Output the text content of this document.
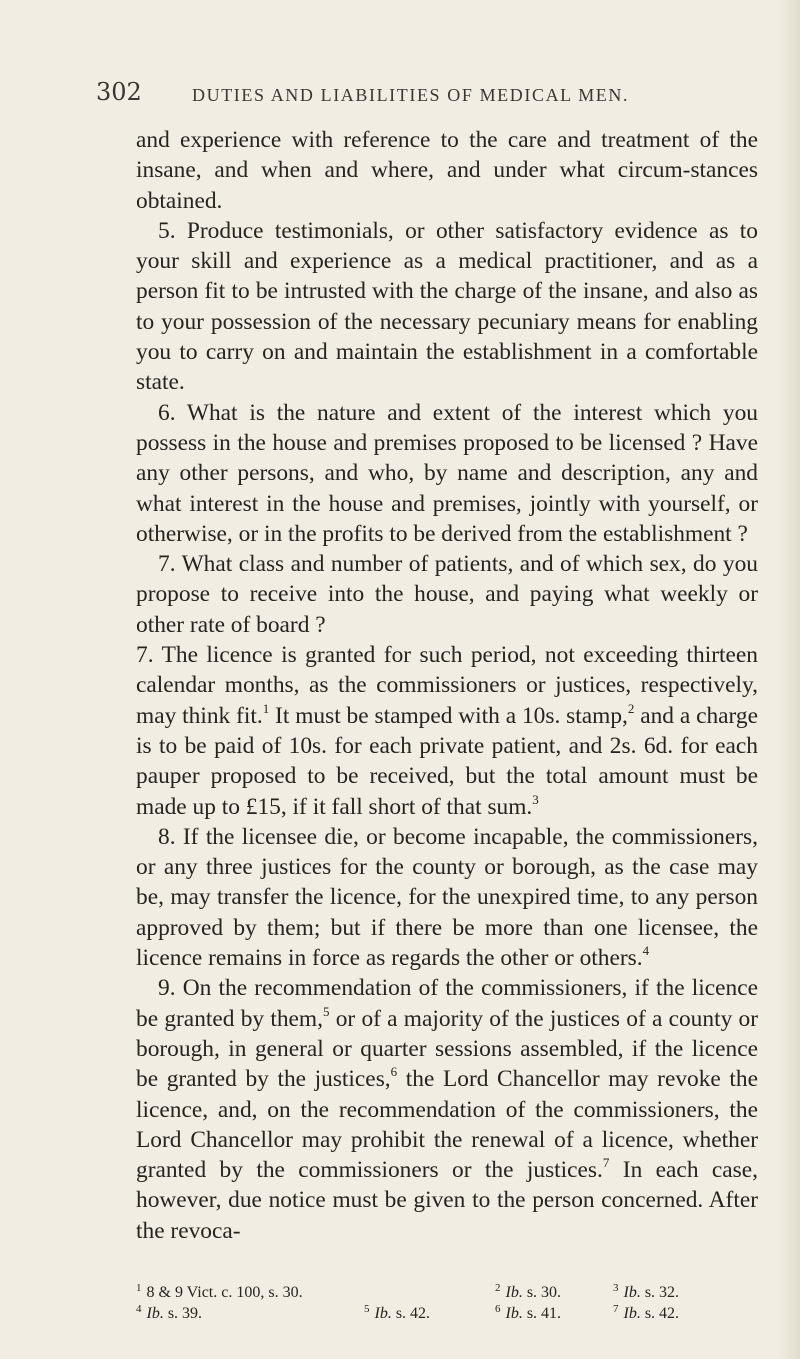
302	DUTIES AND LIABILITIES OF MEDICAL MEN.

and experience with reference to the care and treatment of the insane, and when and where, and under what circum-stances obtained.

5. Produce testimonials, or other satisfactory evidence as to your skill and experience as a medical practitioner, and as a person fit to be intrusted with the charge of the insane, and also as to your possession of the necessary pecuniary means for enabling you to carry on and maintain the establishment in a comfortable state.

6. What is the nature and extent of the interest which you possess in the house and premises proposed to be licensed ? Have any other persons, and who, by name and description, any and what interest in the house and premises, jointly with yourself, or otherwise, or in the profits to be derived from the establishment ?

7. What class and number of patients, and of which sex, do you propose to receive into the house, and paying what weekly or other rate of board ?

7. The licence is granted for such period, not exceeding thirteen calendar months, as the commissioners or justices, respectively, may think fit.$^1$ It must be stamped with a 10s. stamp,$^2$ and a charge is to be paid of 10s. for each private patient, and 2s. 6d. for each pauper proposed to be received, but the total amount must be made up to £15, if it fall short of that sum.$^3$

8. If the licensee die, or become incapable, the commissioners, or any three justices for the county or borough, as the case may be, may transfer the licence, for the unexpired time, to any person approved by them; but if there be more than one licensee, the licence remains in force as regards the other or others.$^4$

9. On the recommendation of the commissioners, if the licence be granted by them,$^5$ or of a majority of the justices of a county or borough, in general or quarter sessions assembled, if the licence be granted by the justices,$^6$ the Lord Chancellor may revoke the licence, and, on the recommendation of the commissioners, the Lord Chancellor may prohibit the renewal of a licence, whether granted by the commissioners or the justices.$^7$ In each case, however, due notice must be given to the person concerned. After the revoca-

$^1$ 8 & 9 Vict. c. 100, s. 30.	$^2$ Ib. s. 30.	$^3$ Ib. s. 32.
$^4$ Ib. s. 39.	$^5$ Ib. s. 42.	$^6$ Ib. s. 41.	$^7$ Ib. s. 42.
